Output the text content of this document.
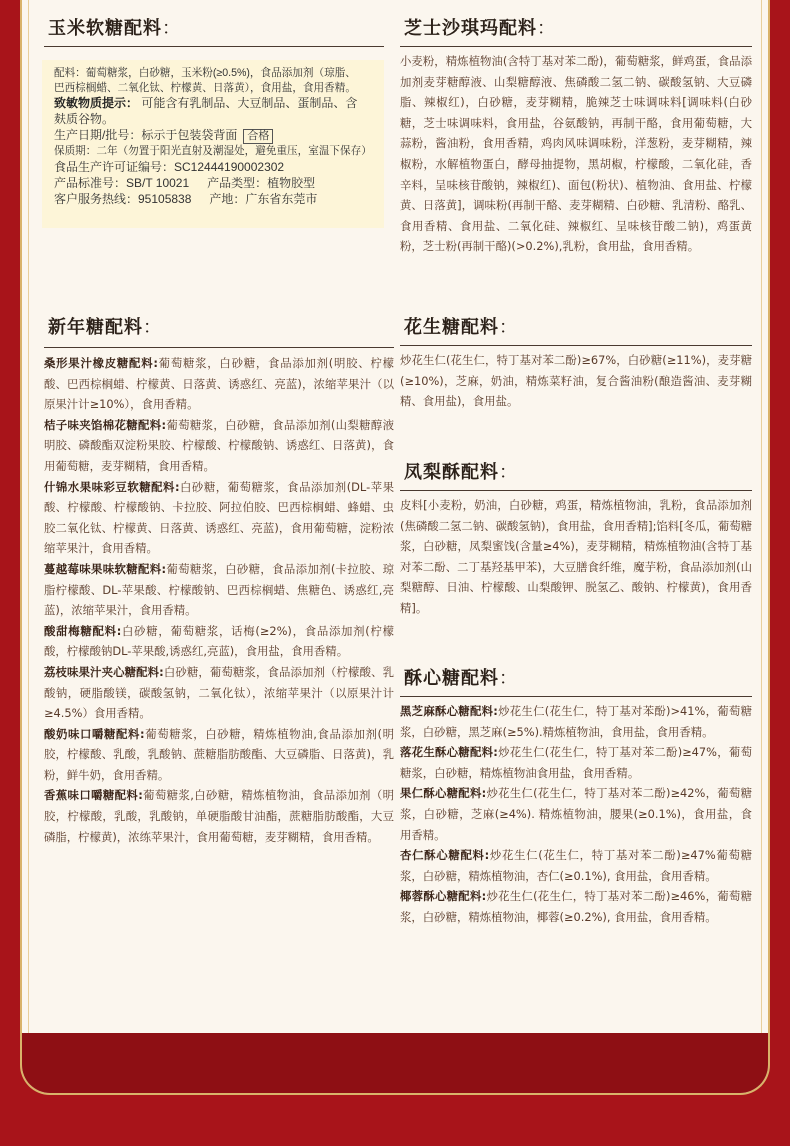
玉米软糖配料：
新年糖配料：

桑形果汁橡皮糖配料:葡萄糖浆，白砂糖，食品添加剂(明胶、柠檬酸、巴西棕榈蜡、柠檬黄、日落黄、诱惑红、亮蓝)，浓缩苹果汁（以原果汁计≥10%），食用香精。

桔子味夹馅棉花糖配料:葡萄糖浆，白砂糖，食品添加剂(山梨糖醇液明胶、磷酸酯双淀粉果胶、柠檬酸、柠檬酸钠、诱惑红、日落黄)，食用葡萄糖，麦芽糊精，食用香精。

什锦水果味彩豆软糖配料:白砂糖，葡萄糖浆，食品添加剂(DL-苹果酸、柠檬酸、柠檬酸钠、卡拉胶、阿拉伯胶、巴西棕榈蜡、蜂蜡、虫胶二氧化钛、柠檬黄、日落黄、诱惑红、亮蓝)，食用葡萄糖，淀粉浓缩苹果汁，食用香精。

蔓越莓味果味软糖配料:葡萄糖浆，白砂糖，食品添加剂(卡拉胶、琼脂柠檬酸、DL-苹果酸、柠檬酸钠、巴西棕榈蜡、焦糖色、诱惑红,亮蓝)，浓缩苹果汁，食用香精。

酸甜梅糖配料:白砂糖，葡萄糖浆，话梅(≥2%)，食品添加剂(柠檬酸，柠檬酸钠DL-苹果酸,诱惑红,亮蓝)，食用盐，食用香精。

荔枝味果汁夹心糖配料:白砂糖，葡萄糖浆，食品添加剂（柠檬酸、乳酸钠，硬脂酸镁，碳酸氢钠，二氧化钛），浓缩苹果汁（以原果汁计≥4.5%）食用香精。

酸奶味口嚼糖配料:葡萄糖浆，白砂糖，精炼植物油,食品添加剂(明胶，柠檬酸、乳酸，乳酸钠、蔗糖脂肪酸酯、大豆磷脂、日落黄)，乳粉，鲜牛奶，食用香精。

香蕉味口嚼糖配料:葡萄糖浆,白砂糖，精炼植物油，食品添加剂（明胶，柠檬酸，乳酸，乳酸钠，单硬脂酸甘油酯，蔗糖脂肪酸酯，大豆磷脂，柠檬黄)，浓练苹果汁，食用葡萄糖，麦芽糊精，食用香精。

芝士沙琪玛配料：

小麦粉，精炼植物油(含特丁基对苯二酚)，葡萄糖浆，鲜鸡蛋，食品添加剂麦芽糖醇液、山梨糖醇液、焦磷酸二氢二钠、碳酸氢钠、大豆磷脂、辣椒红)，白砂糖，麦芽糊精，脆辣芝士味调味料[调味料(白砂糖，芝士味调味料，食用盐，谷氨酸钠，再制干酪，食用葡萄糖，大蒜粉，酱油粉，食用香精，鸡肉风味调味粉，洋葱粉，麦芽糊精，辣椒粉，水解植物蛋白，酵母抽提物，黑胡椒，柠檬酸，二氧化硅，香辛料，呈味核苷酸钠，辣椒红)、面包(粉状)、植物油、食用盐、柠檬黄、日落黄]，调味粉(再制干酪、麦芽糊精、白砂糖、乳清粉、酪乳、食用香精、食用盐、二氧化硅、辣椒红、呈味核苷酸二钠)，鸡蛋黄粉，芝士粉(再制干酪)(>0.2%),乳粉，食用盐，食用香精。

花生糖配料：

炒花生仁(花生仁，特丁基对苯二酚)≥67%，白砂糖(≥11%)，麦芽糖(≥10%)，芝麻，奶油，精炼菜籽油，复合酱油粉(酿造酱油、麦芽糊精、食用盐)，食用盐。

凤梨酥配料：

皮料[小麦粉，奶油，白砂糖，鸡蛋，精炼植物油，乳粉，食品添加剂(焦磷酸二氢二钠、碳酸氢钠)，食用盐，食用香精];馅料[冬瓜，葡萄糖浆，白砂糖，凤梨蜜饯(含量≥4%)，麦芽糊精，精炼植物油(含特丁基对苯二酚、二丁基羟基甲苯)，大豆膳食纤维，魔芋粉，食品添加剂(山梨糖醇、日油、柠檬酸、山梨酸钾、脱氢乙、酸钠、柠檬黄)，食用香精]。

酥心糖配料：

黑芝麻酥心糖配料:炒花生仁(花生仁，特丁基对苯酚)>41%，葡萄糖浆，白砂糖，黑芝麻(≥5%).精炼植物油，食用盐，食用香精。

落花生酥心糖配料:炒花生仁(花生仁，特丁基对苯二酚)≥47%，葡萄糖浆，白砂糖，精炼植物油食用盐，食用香精。

果仁酥心糖配料:炒花生仁(花生仁，特丁基对苯二酚)≥42%，葡萄糖浆，白砂糖，芝麻(≥4%). 精炼植物油，腰果(≥0.1%)，食用盐，食用香精。

杏仁酥心糖配料:炒花生仁(花生仁，特丁基对苯二酚)≥47%葡萄糖浆，白砂糖，精炼植物油，杏仁(≥0.1%), 食用盐，食用香精。

椰蓉酥心糖配料:炒花生仁(花生仁，特丁基对苯二酚)≥46%，葡萄糖浆，白砂糖，精炼植物油，椰蓉(≥0.2%), 食用盐，食用香精。

配料：葡萄糖浆，白砂糖，玉米粉(≥0.5%)，食品添加剂（琼脂、
巴西棕榈蜡、二氧化钛、柠檬黄、日落黄），食用盐，食用香精。
致敏物质提示： 可能含有乳制品、大豆制品、蛋制品、含
麸质谷物。
生产日期/批号：标示于包装袋背面 合格
保质期：二年（勿置于阳光直射及潮湿处，避免重压，室温下保存）
食品生产许可证编号：SC12444190002302
产品标准号：SB/T 10021 产品类型：植物胶型
客户服务热线：95105838 产地：广东省东莞市
